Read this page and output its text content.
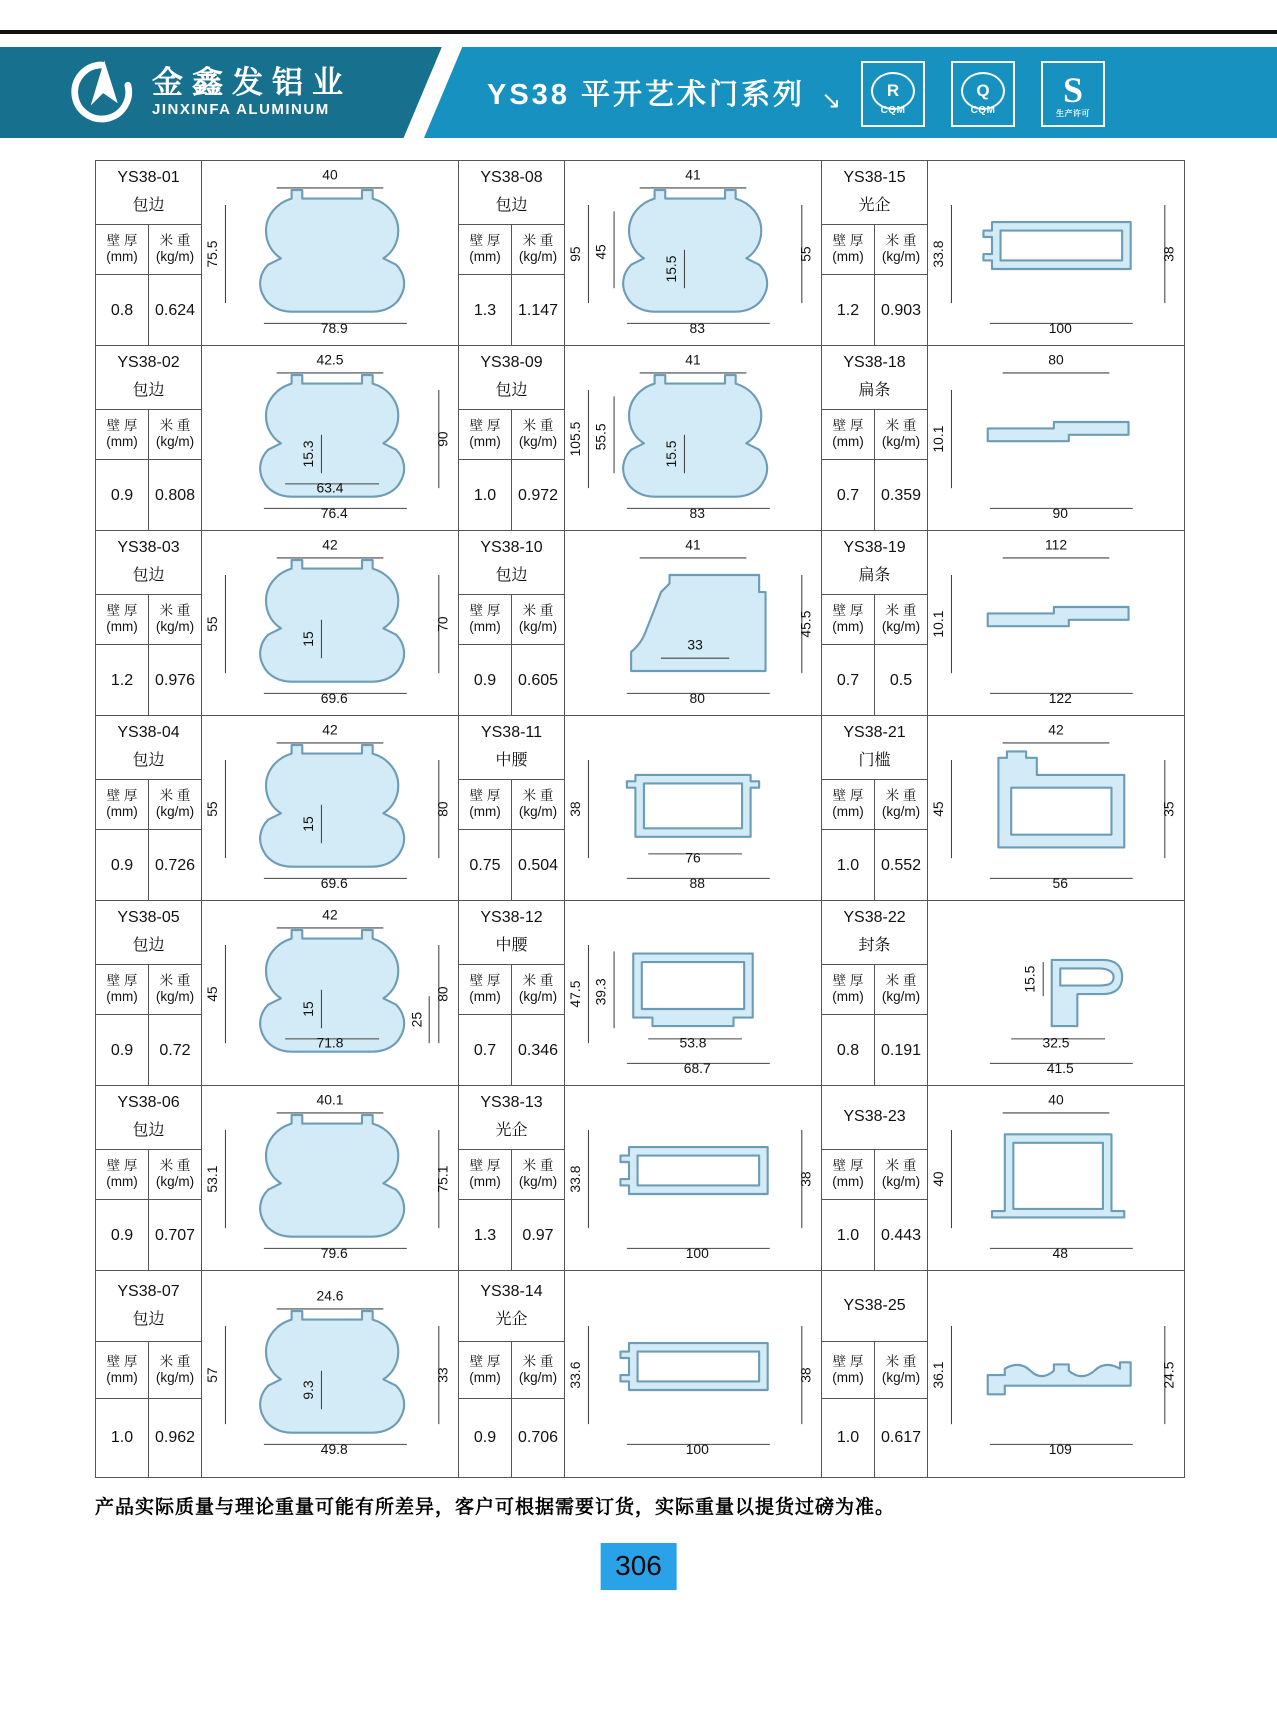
金鑫发铝业
JINXINFA ALUMINUM	YS38 平开艺术门系列 ↘	R
CQM
Q
CQM
S
生产许可
YS38-01
包边
壁 厚
(mm)
米 重
(kg/m)
0.8	0.624
40
75.5
78.9
YS38-08
包边
壁 厚
(mm)
米 重
(kg/m)
1.3	1.147
41
95 45
15.5
55
83
YS38-15
光企
壁 厚
(mm)
米 重
(kg/m)
1.2	0.903
33.8	38
100
YS38-02
包边
壁 厚
(mm)
米 重
(kg/m)
0.9	0.808
42.5
15.3
90
63.4
76.4
YS38-09
包边
壁 厚
(mm)
米 重
(kg/m)
1.0	0.972
41
105.5 55.5
15.5
83
YS38-18
扁条
壁 厚
(mm)
米 重
(kg/m)
0.7	0.359
80
10.1
90
YS38-03
包边
壁 厚
(mm)
米 重
(kg/m)
1.2	0.976
42
55
15
70
69.6
YS38-10
包边
壁 厚
(mm)
米 重
(kg/m)
0.9	0.605
41
33
45.5
80
YS38-19
扁条
壁 厚
(mm)
米 重
(kg/m)
0.7	0.5
112
10.1
122
YS38-04
包边
壁 厚
(mm)
米 重
(kg/m)
0.9	0.726
42
55
15
80
69.6
YS38-11
中腰
壁 厚
(mm)
米 重
(kg/m)
0.75	0.504
38
76
88
YS38-21
门槛
壁 厚
(mm)
米 重
(kg/m)
1.0	0.552
42
45	35
56
YS38-05
包边
壁 厚
(mm)
米 重
(kg/m)
0.9	0.72
42
45
15
80
71.8
25
YS38-12
中腰
壁 厚
(mm)
米 重
(kg/m)
0.7	0.346
47.5 39.3
53.8
68.7
YS38-22
封条
壁 厚
(mm)
米 重
(kg/m)
0.8	0.191
15.5
32.5
41.5
YS38-06
包边
壁 厚
(mm)
米 重
(kg/m)
0.9	0.707
40.1
53.1	75.1
79.6
YS38-13
光企
壁 厚
(mm)
米 重
(kg/m)
1.3	0.97
33.8	38
100
YS38-23
壁 厚
(mm)
米 重
(kg/m)
1.0	0.443
40
40
48
YS38-07
包边
壁 厚
(mm)
米 重
(kg/m)
1.0	0.962
24.6
57
9.3
33
49.8
YS38-14
光企
壁 厚
(mm)
米 重
(kg/m)
0.9	0.706
33.6	38
100
YS38-25
壁 厚
(mm)
米 重
(kg/m)
1.0	0.617
36.1	24.5
109
产品实际质量与理论重量可能有所差异，客户可根据需要订货，实际重量以提货过磅为准。
306
